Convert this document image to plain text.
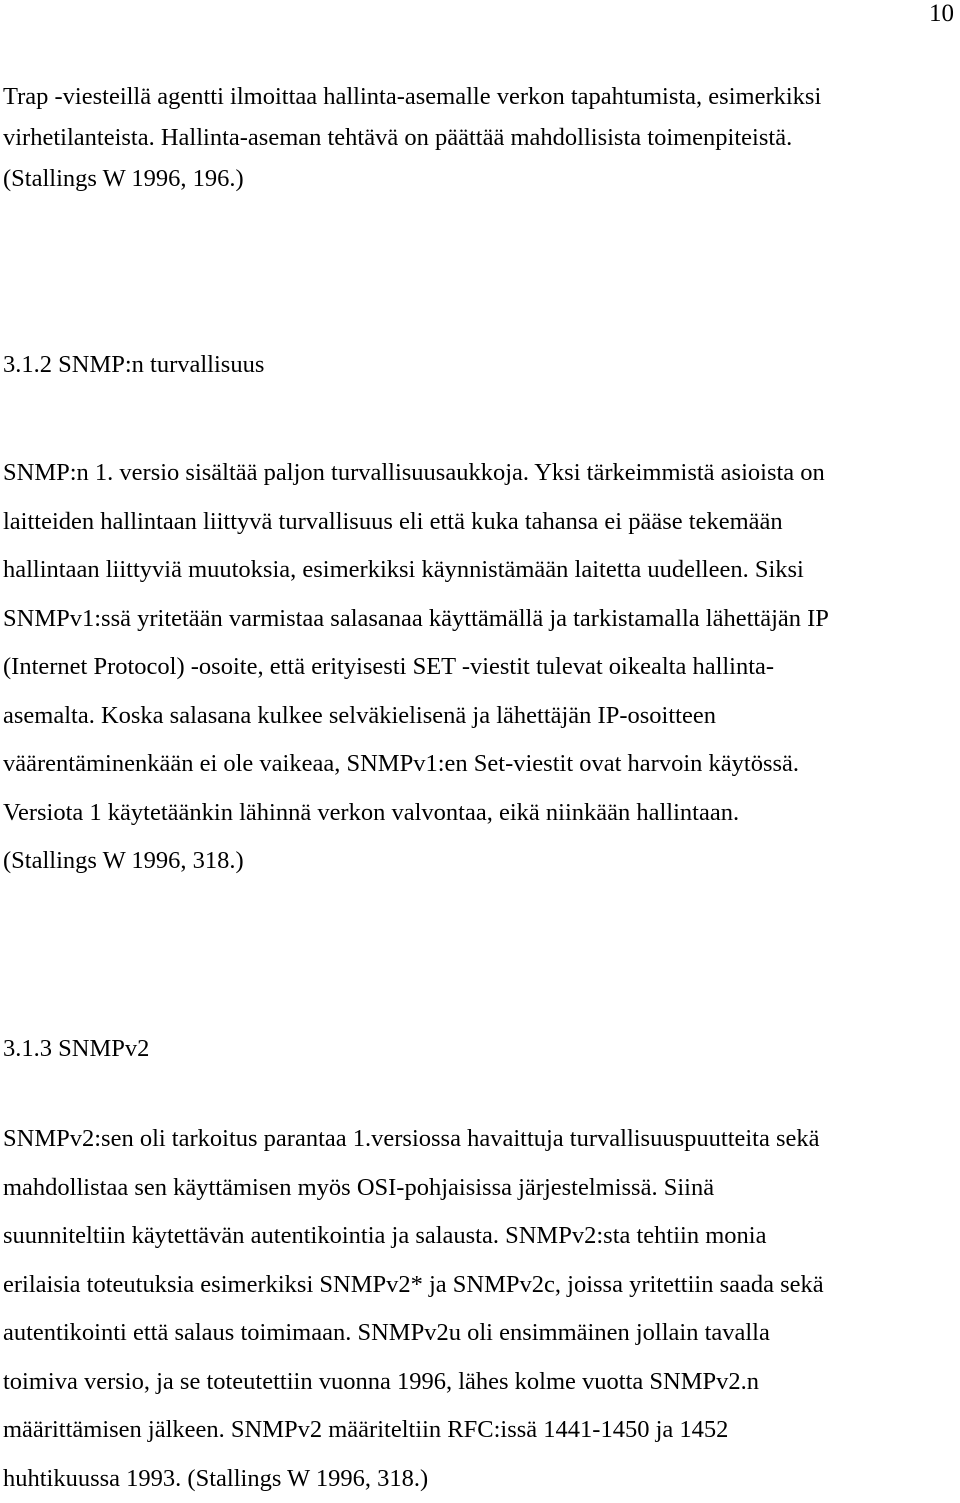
10
Trap -viesteillä agentti ilmoittaa hallinta-asemalle verkon tapahtumista, esimerkiksi
virhetilanteista. Hallinta-aseman tehtävä on päättää mahdollisista toimenpiteistä.
(Stallings W 1996, 196.)
3.1.2 SNMP:n turvallisuus
SNMP:n 1. versio sisältää paljon turvallisuusaukkoja. Yksi tärkeimmistä asioista on
laitteiden hallintaan liittyvä turvallisuus eli että kuka tahansa ei pääse tekemään
hallintaan liittyviä muutoksia, esimerkiksi käynnistämään laitetta uudelleen. Siksi
SNMPv1:ssä yritetään varmistaa salasanaa käyttämällä ja tarkistamalla lähettäjän IP
(Internet Protocol) -osoite, että erityisesti SET -viestit tulevat oikealta hallinta-
asemalta. Koska salasana kulkee selväkielisenä ja lähettäjän IP-osoitteen
väärentäminenkään ei ole vaikeaa, SNMPv1:en Set-viestit ovat harvoin käytössä.
Versiota 1 käytetäänkin lähinnä verkon valvontaa, eikä niinkään hallintaan.
(Stallings W 1996, 318.)
3.1.3 SNMPv2
SNMPv2:sen oli tarkoitus parantaa 1.versiossa havaittuja turvallisuuspuutteita sekä
mahdollistaa sen käyttämisen myös OSI-pohjaisissa järjestelmissä. Siinä
suunniteltiin käytettävän autentikointia ja salausta. SNMPv2:sta tehtiin monia
erilaisia toteutuksia esimerkiksi SNMPv2* ja SNMPv2c, joissa yritettiin saada sekä
autentikointi että salaus toimimaan. SNMPv2u oli ensimmäinen jollain tavalla
toimiva versio, ja se toteutettiin vuonna 1996, lähes kolme vuotta SNMPv2.n
määrittämisen jälkeen. SNMPv2 määriteltiin RFC:issä 1441-1450 ja 1452
huhtikuussa 1993. (Stallings W 1996, 318.)
